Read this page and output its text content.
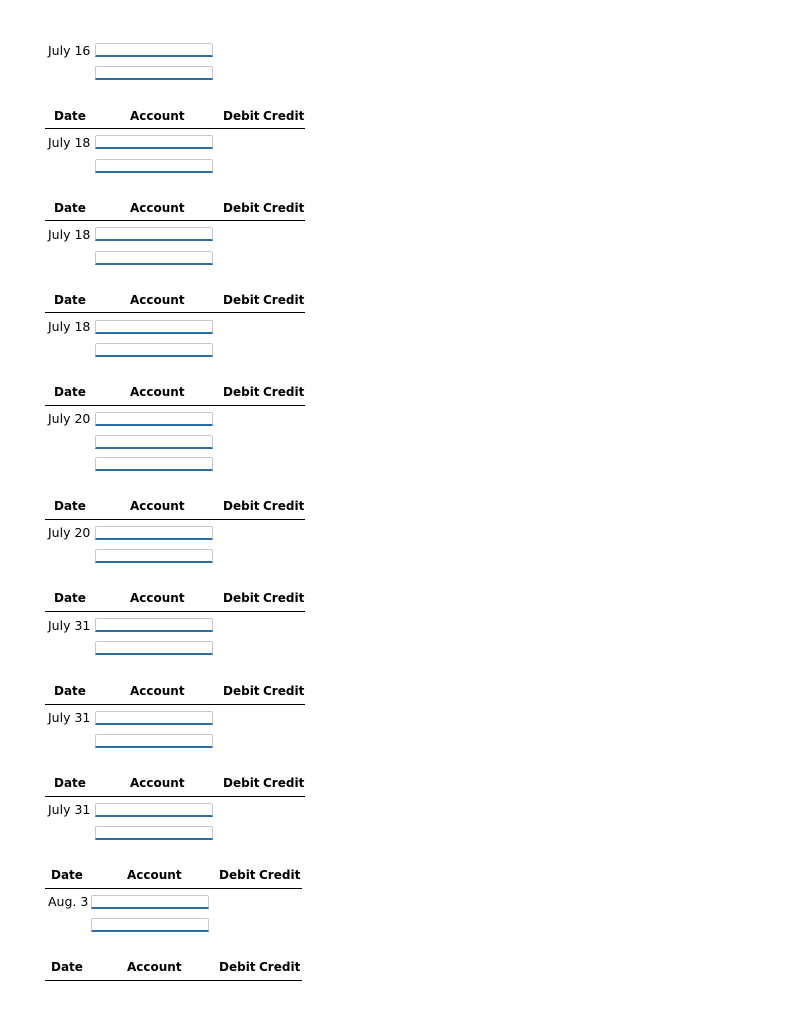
July 16
Date	Account	Debit Credit
July 18
Date	Account	Debit Credit
July 18
Date	Account	Debit Credit
July 18
Date	Account	Debit Credit
July 20
Date	Account	Debit Credit
July 20
Date	Account	Debit Credit
July 31
Date	Account	Debit Credit
July 31
Date	Account	Debit Credit
July 31
Date	Account	Debit Credit
Aug. 3
Date	Account	Debit Credit
